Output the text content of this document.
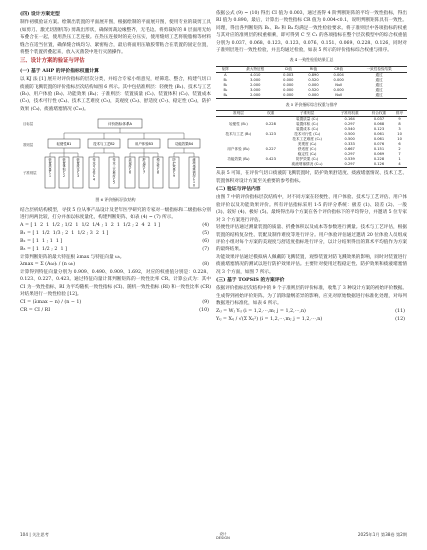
(四) 设计方案定型

制作初模验证方案。绘制出装置的平面展开图，根据绘制的平面展开图，使用专业的裁剪工具 (如剪刀、激光切割机等) 剪裁出形状，确保剪裁边缘整齐，无毛边。将剪裁好的 8 层面用无纺布叠合在一起，使用热压工艺连接。在热压连接时的充分压实，使用缝纫工艺将脱脂棉等材料缝合在适当位置，确保缝合线均匀、紧密贴合，最后将面用压敏胶带粘合在装置的固定位置，将整个装置折叠起来，放入灭菌袋中进行灭菌操作。

三、设计方案的验证与评估

(一) 基于 AHP 的评价指标权重计算

以 KJ 法 [1] 展开对评价指标的层次分类，并结合专家小组意见，经筛选、整合，构建气切口痰液防飞溅装置的评价指标层次结构如图 6 所示。其中包括准则层：轻便性 (B₁)、技术与工艺 (B₂)、用户体验 (B₃)、功能效果 (B₄)；子准则层：装置质量 (C₁)、装置体积 (C₂)、装置成本 (C₃)，技术可行性 (C₄)、技术工艺难度 (C₅)，美观度 (C₆)、舒适度 (C₇)、稳定性 (C₈)，防护效果 (C₉)、痰液堵塞情况 (C₁₀)。

目标层
准则层
子准则层
评价指标体系A
轻便性B1	技术与工艺B2	用户体验B3	功能效果B4
装置质量 C 1
装置体积 C 2
装置成本 C 3
技术可行性 C 4
技术工艺难度 C 5
美观度 C 6
舒适度 C 7
稳定性 C 8
防护效果 C 9
痰液堵塞情况 C 1 0

图 6 评价指标层次结构

结合层析结构模型，寻找 5 位从事产品设计及老年医学研究的专家对一级指标和二级指标分别进行两两比较，打分并加以标度量化，构建判断矩阵，如表 (4) ~ (7) 所示。

A = [ 1  2  1  1/2 ; 1/2  1  1/2  1/4 ; 1  2  1  1/2 ; 2  4  2  1 ]	(4)
B₁ = [ 1  1/2  1/3 ; 2  1  1/2 ; 3  2  1 ]	(5)
B₂ = [ 1  1 ; 1  1 ]	(6)
B₃ = [ 1  1/2 ; 2  1 ]	(7)

计算判断矩阵的最大特征根 λmax 与特征向量 ωᵢ。

λmax = Σ (Aω)ᵢ / (n ωᵢ)	(8)

计算得到特征向量分别为 0.909、0.490、0.909、1.692，对应的权重值分别是：0.228、0.123、0.227、0.423。通过特征向量计算判断矩阵的一致性比率 CR。计算公式为：其中 CI 为一致性指标，RI 为平均随机一致性指标 (CI)、随机一致性指标 (RI) 和一致性比率 (CR) 对结果进行一致性检验 [12]。

CI = (λmax − n) / (n − 1)	(9)
CR = CI / RI	(10)

依据公式 (9) ~ (10) 得出 CI 值为 0.003，通过查得 4 阶判断矩阵的平均一致性指标，得出 RI 值为 0.890。最后，计算出一致性指标 CR 值为 0.004<0.1，说明判断矩阵具有一致性。同理，得出各判断矩阵 B₁、B₂ 和 B₄ 均满足一致性检验要求。将子准则层中各项指标的权重与其对应的准则层的权重相乘，即可得到 C 至 C₁ 的各项指标在整个层次模型中的综合权重值分别为 0.037、0.068、0.123、0.123、0.076、0.151、0.069、0.228、0.126，同时对子准则层进行一致性检验，并且均通过检验，如表 5 所示的评价指标综合权重与排序。

表 4 一致性检验结果汇总

矩阵	最大特征根	CI值	RI值	CR值	一致性检验结果
A	4.010	0.003	0.890	0.004	通过
B₁	3.000	0.000	0.520	0.000	通过
B₂	2.000	0.000	0.000	Null	通过
B₃	3.000	0.000	0.520	0.000	通过
B₄	2.000	0.000	0.000	Null	通过

表 5 评价指标综合权重与排序

准则层	权重	子准则层	子准则权重	综合权重	排序
		装置质量 (C₁)	0.164	0.037	9
轻便性 (B₁)	0.228	装置体积 (C₂)	0.297	0.068	8
		装置成本 (C₃)	0.540	0.123	3
技术与工艺 (B₂)	0.123	技术可行性 (C₄)	0.500	0.061	10
		技术工艺难度 (C₅)	0.500	0.061	10
		美观度 (C₆)	0.333	0.076	6
用户体验 (B₃)	0.227	舒适度 (C₇)	0.667	0.151	2
		稳定性 (C₈)	0.297	0.069	7
功能效果 (B₄)	0.423	防护效果 (C₉)	0.539	0.228	1
		痰液堵塞情况 (C₁₀)	0.297	0.126	4

从表 5 可知，在评价气切口痰液防飞溅装置时，防护效果舒适度、痰液堵塞情况、技术工艺、装置体积对设计方案至关重要的参考指标。

(二) 验证与评估内容

由图 7 中的评价指标层次结构中，对不同方案在轻便性、用户体验、技术与工艺评估、用户体验评价以及功能效果评价。所有评估指标采用 1-5 的评分系统：极差 (1)、较差 (2)、一般 (3)、较好 (4)、极好 (5)。最终得出每个方案在各个评价指标下的平均得分，并邀请 5 位专家对 3 个方案进行评估。

轻便性评估通过测量装置的质量、折叠体积以及成本等参数进行测量。技术与工艺评估，根据装置的结构复杂性、装配及制作难度等进行评分。用户体验评估通过邀请 20 位体验人员组成评价小组对每个方案的美观度与舒适度指标进行评分，以计分结果得出的算术平均值作为方案的最终结果。

功能效果评估通过模拟病人佩戴防飞溅装置，观察装置对防飞溅效果的影响，同时对装置进行痰液堵塞情况的测试以进行防护效果评估。主要针对使用过程稳定性、防护效果和痰液堵塞情况 3 个方面，如图 7 所示。

(三) 基于 TOPSIS 的方案评价

依据评价指标层次结构中的 9 个子准则层的评价标准，收集了 3 种设计方案的初始评价数据。生成得到初始评价矩阵。为了消除量纲差异的影响，应先对原始数据进行标准化处理，对每列数据进行标准化，如表 6 所示。

Zᵢⱼ = Wⱼ Yᵢⱼ (i = 1,2,⋯,m; j = 1,2,⋯,n)	(11)
Yᵢⱼ = Xᵢⱼ / √(Σ Xᵢⱼ²) (i = 1,2,⋯,m; j = 1,2,⋯,n)	(12)
104 | 关注思考	设计
DESIGN
2025年1月 第38卷 第2期
